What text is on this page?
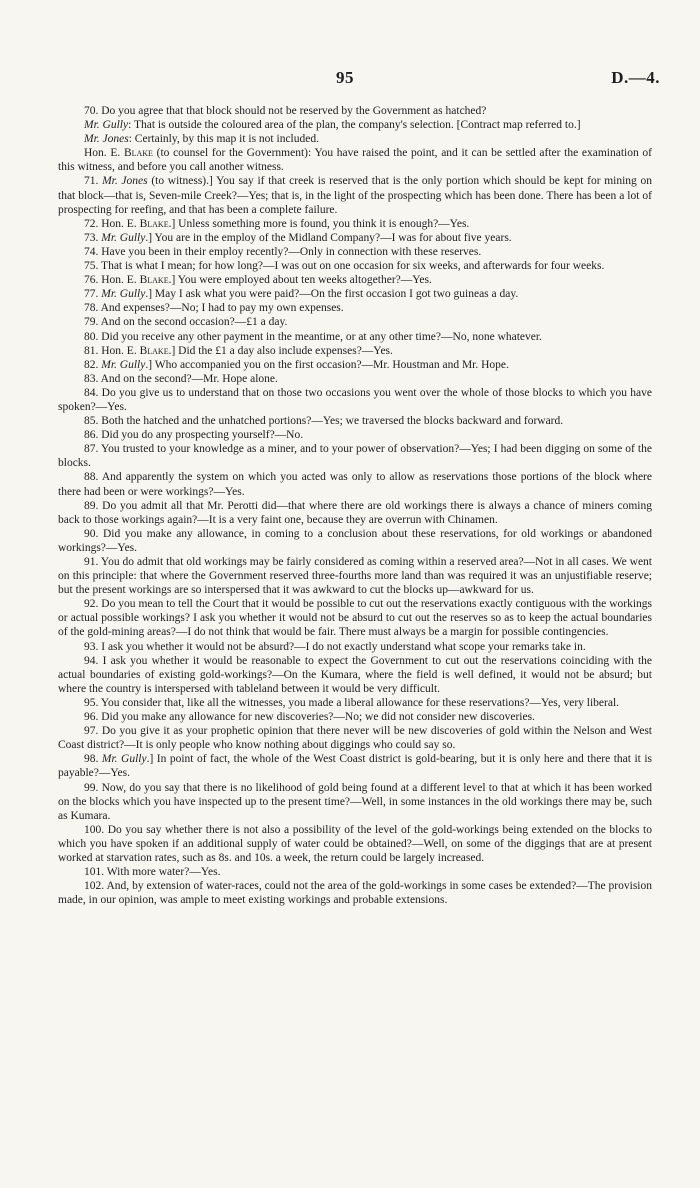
95	D.—4.

70. Do you agree that that block should not be reserved by the Government as hatched?

Mr. Gully: That is outside the coloured area of the plan, the company's selection. [Contract map referred to.]

Mr. Jones: Certainly, by this map it is not included.

Hon. E. Blake (to counsel for the Government): You have raised the point, and it can be settled after the examination of this witness, and before you call another witness.

71. Mr. Jones (to witness).] You say if that creek is reserved that is the only portion which should be kept for mining on that block—that is, Seven-mile Creek?—Yes; that is, in the light of the prospecting which has been done. There has been a lot of prospecting for reefing, and that has been a complete failure.

72. Hon. E. Blake.] Unless something more is found, you think it is enough?—Yes.

73. Mr. Gully.] You are in the employ of the Midland Company?—I was for about five years.

74. Have you been in their employ recently?—Only in connection with these reserves.

75. That is what I mean; for how long?—I was out on one occasion for six weeks, and afterwards for four weeks.

76. Hon. E. Blake.] You were employed about ten weeks altogether?—Yes.

77. Mr. Gully.] May I ask what you were paid?—On the first occasion I got two guineas a day.

78. And expenses?—No; I had to pay my own expenses.

79. And on the second occasion?—£1 a day.

80. Did you receive any other payment in the meantime, or at any other time?—No, none whatever.

81. Hon. E. Blake.] Did the £1 a day also include expenses?—Yes.

82. Mr. Gully.] Who accompanied you on the first occasion?—Mr. Houstman and Mr. Hope.

83. And on the second?—Mr. Hope alone.

84. Do you give us to understand that on those two occasions you went over the whole of those blocks to which you have spoken?—Yes.

85. Both the hatched and the unhatched portions?—Yes; we traversed the blocks backward and forward.

86. Did you do any prospecting yourself?—No.

87. You trusted to your knowledge as a miner, and to your power of observation?—Yes; I had been digging on some of the blocks.

88. And apparently the system on which you acted was only to allow as reservations those portions of the block where there had been or were workings?—Yes.

89. Do you admit all that Mr. Perotti did—that where there are old workings there is always a chance of miners coming back to those workings again?—It is a very faint one, because they are overrun with Chinamen.

90. Did you make any allowance, in coming to a conclusion about these reservations, for old workings or abandoned workings?—Yes.

91. You do admit that old workings may be fairly considered as coming within a reserved area?—Not in all cases. We went on this principle: that where the Government reserved three-fourths more land than was required it was an unjustifiable reserve; but the present workings are so interspersed that it was awkward to cut the blocks up—awkward for us.

92. Do you mean to tell the Court that it would be possible to cut out the reservations exactly contiguous with the workings or actual possible workings? I ask you whether it would not be absurd to cut out the reserves so as to keep the actual boundaries of the gold-mining areas?—I do not think that would be fair. There must always be a margin for possible contingencies.

93. I ask you whether it would not be absurd?—I do not exactly understand what scope your remarks take in.

94. I ask you whether it would be reasonable to expect the Government to cut out the reservations coinciding with the actual boundaries of existing gold-workings?—On the Kumara, where the field is well defined, it would not be absurd; but where the country is interspersed with tableland between it would be very difficult.

95. You consider that, like all the witnesses, you made a liberal allowance for these reservations?—Yes, very liberal.

96. Did you make any allowance for new discoveries?—No; we did not consider new discoveries.

97. Do you give it as your prophetic opinion that there never will be new discoveries of gold within the Nelson and West Coast district?—It is only people who know nothing about diggings who could say so.

98. Mr. Gully.] In point of fact, the whole of the West Coast district is gold-bearing, but it is only here and there that it is payable?—Yes.

99. Now, do you say that there is no likelihood of gold being found at a different level to that at which it has been worked on the blocks which you have inspected up to the present time?—Well, in some instances in the old workings there may be, such as Kumara.

100. Do you say whether there is not also a possibility of the level of the gold-workings being extended on the blocks to which you have spoken if an additional supply of water could be obtained?—Well, on some of the diggings that are at present worked at starvation rates, such as 8s. and 10s. a week, the return could be largely increased.

101. With more water?—Yes.

102. And, by extension of water-races, could not the area of the gold-workings in some cases be extended?—The provision made, in our opinion, was ample to meet existing workings and probable extensions.
